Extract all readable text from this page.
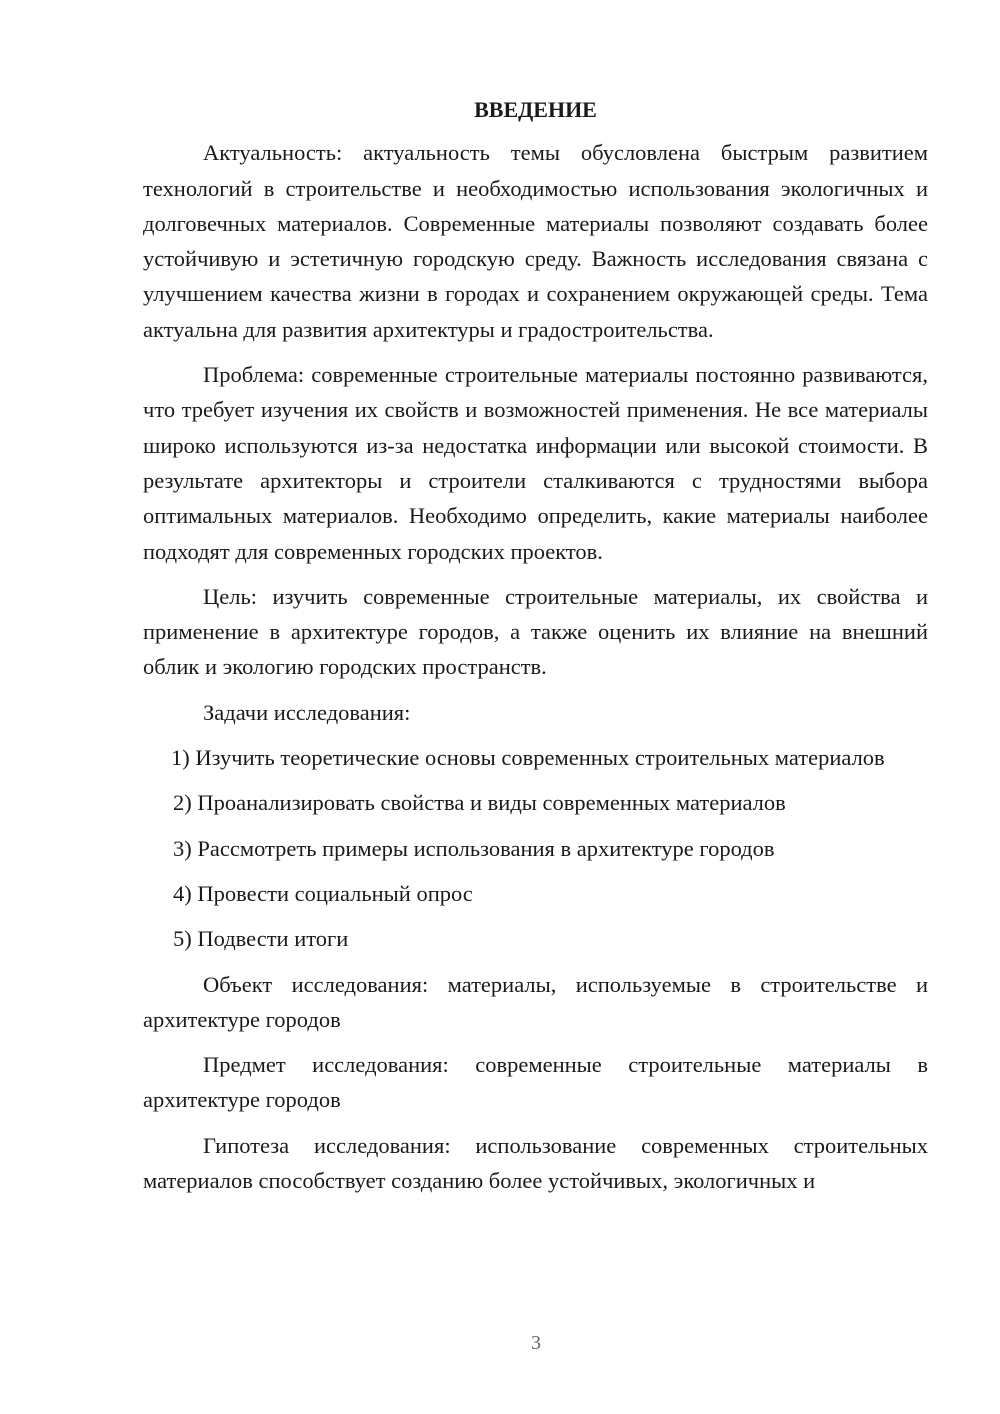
ВВЕДЕНИЕ

Актуальность: актуальность темы обусловлена быстрым развитием технологий в строительстве и необходимостью использования экологичных и долговечных материалов. Современные материалы позволяют создавать более устойчивую и эстетичную городскую среду. Важность исследования связана с улучшением качества жизни в городах и сохранением окружающей среды. Тема актуальна для развития архитектуры и градостроительства.

Проблема: современные строительные материалы постоянно развиваются, что требует изучения их свойств и возможностей применения. Не все материалы широко используются из-за недостатка информации или высокой стоимости. В результате архитекторы и строители сталкиваются с трудностями выбора оптимальных материалов. Необходимо определить, какие материалы наиболее подходят для современных городских проектов.

Цель: изучить современные строительные материалы, их свойства и применение в архитектуре городов, а также оценить их влияние на внешний облик и экологию городских пространств.

Задачи исследования:

1) Изучить теоретические основы современных строительных материалов

2) Проанализировать свойства и виды современных материалов

3) Рассмотреть примеры использования в архитектуре городов

4) Провести социальный опрос

5) Подвести итоги

Объект исследования: материалы, используемые в строительстве и архитектуре городов

Предмет исследования: современные строительные материалы в архитектуре городов

Гипотеза исследования: использование современных строительных материалов способствует созданию более устойчивых, экологичных и

3
